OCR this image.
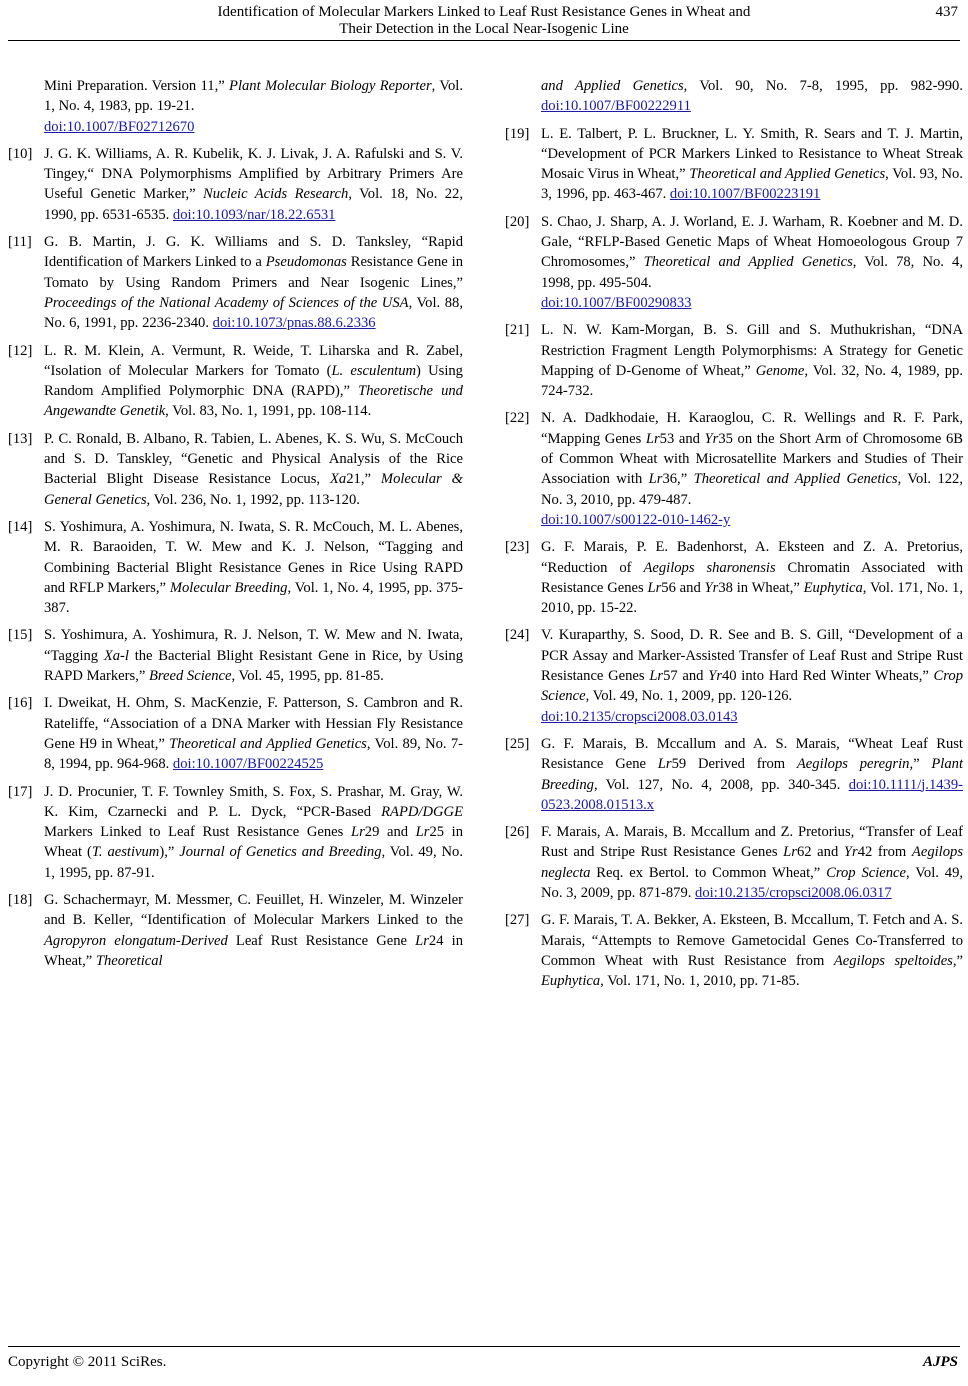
Identification of Molecular Markers Linked to Leaf Rust Resistance Genes in Wheat and
Their Detection in the Local Near-Isogenic Line
437
Mini Preparation. Version 11,” Plant Molecular Biology Reporter, Vol. 1, No. 4, 1983, pp. 19-21.
doi:10.1007/BF02712670
[10] J. G. K. Williams, A. R. Kubelik, K. J. Livak, J. A. Rafulski and S. V. Tingey,“ DNA Polymorphisms Amplified by Arbitrary Primers Are Useful Genetic Marker,” Nucleic Acids Research, Vol. 18, No. 22, 1990, pp. 6531-6535. doi:10.1093/nar/18.22.6531
[11] G. B. Martin, J. G. K. Williams and S. D. Tanksley, “Rapid Identification of Markers Linked to a Pseudomonas Resistance Gene in Tomato by Using Random Primers and Near Isogenic Lines,” Proceedings of the National Academy of Sciences of the USA, Vol. 88, No. 6, 1991, pp. 2236-2340. doi:10.1073/pnas.88.6.2336
[12] L. R. M. Klein, A. Vermunt, R. Weide, T. Liharska and R. Zabel, “Isolation of Molecular Markers for Tomato (L. esculentum) Using Random Amplified Polymorphic DNA (RAPD),” Theoretische und Angewandte Genetik, Vol. 83, No. 1, 1991, pp. 108-114.
[13] P. C. Ronald, B. Albano, R. Tabien, L. Abenes, K. S. Wu, S. McCouch and S. D. Tanskley, “Genetic and Physical Analysis of the Rice Bacterial Blight Disease Resistance Locus, Xa21,” Molecular & General Genetics, Vol. 236, No. 1, 1992, pp. 113-120.
[14] S. Yoshimura, A. Yoshimura, N. Iwata, S. R. McCouch, M. L. Abenes, M. R. Baraoiden, T. W. Mew and K. J. Nelson, “Tagging and Combining Bacterial Blight Resistance Genes in Rice Using RAPD and RFLP Markers,” Molecular Breeding, Vol. 1, No. 4, 1995, pp. 375-387.
[15] S. Yoshimura, A. Yoshimura, R. J. Nelson, T. W. Mew and N. Iwata, “Tagging Xa-l the Bacterial Blight Resistant Gene in Rice, by Using RAPD Markers,” Breed Science, Vol. 45, 1995, pp. 81-85.
[16] I. Dweikat, H. Ohm, S. MacKenzie, F. Patterson, S. Cambron and R. Rateliffe, “Association of a DNA Marker with Hessian Fly Resistance Gene H9 in Wheat,” Theoretical and Applied Genetics, Vol. 89, No. 7-8, 1994, pp. 964-968. doi:10.1007/BF00224525
[17] J. D. Procunier, T. F. Townley Smith, S. Fox, S. Prashar, M. Gray, W. K. Kim, Czarnecki and P. L. Dyck, “PCR-Based RAPD/DGGE Markers Linked to Leaf Rust Resistance Genes Lr29 and Lr25 in Wheat (T. aestivum),” Journal of Genetics and Breeding, Vol. 49, No. 1, 1995, pp. 87-91.
[18] G. Schachermayr, M. Messmer, C. Feuillet, H. Winzeler, M. Winzeler and B. Keller, “Identification of Molecular Markers Linked to the Agropyron elongatum-Derived Leaf Rust Resistance Gene Lr24 in Wheat,” Theoretical
and Applied Genetics, Vol. 90, No. 7-8, 1995, pp. 982-990. doi:10.1007/BF00222911
[19] L. E. Talbert, P. L. Bruckner, L. Y. Smith, R. Sears and T. J. Martin, “Development of PCR Markers Linked to Resistance to Wheat Streak Mosaic Virus in Wheat,” Theoretical and Applied Genetics, Vol. 93, No. 3, 1996, pp. 463-467. doi:10.1007/BF00223191
[20] S. Chao, J. Sharp, A. J. Worland, E. J. Warham, R. Koebner and M. D. Gale, “RFLP-Based Genetic Maps of Wheat Homoeologous Group 7 Chromosomes,” Theoretical and Applied Genetics, Vol. 78, No. 4, 1998, pp. 495-504.
doi:10.1007/BF00290833
[21] L. N. W. Kam-Morgan, B. S. Gill and S. Muthukrishan, “DNA Restriction Fragment Length Polymorphisms: A Strategy for Genetic Mapping of D-Genome of Wheat,” Genome, Vol. 32, No. 4, 1989, pp. 724-732.
[22] N. A. Dadkhodaie, H. Karaoglou, C. R. Wellings and R. F. Park, “Mapping Genes Lr53 and Yr35 on the Short Arm of Chromosome 6B of Common Wheat with Microsatellite Markers and Studies of Their Association with Lr36,” Theoretical and Applied Genetics, Vol. 122, No. 3, 2010, pp. 479-487.
doi:10.1007/s00122-010-1462-y
[23] G. F. Marais, P. E. Badenhorst, A. Eksteen and Z. A. Pretorius, “Reduction of Aegilops sharonensis Chromatin Associated with Resistance Genes Lr56 and Yr38 in Wheat,” Euphytica, Vol. 171, No. 1, 2010, pp. 15-22.
[24] V. Kuraparthy, S. Sood, D. R. See and B. S. Gill, “Development of a PCR Assay and Marker-Assisted Transfer of Leaf Rust and Stripe Rust Resistance Genes Lr57 and Yr40 into Hard Red Winter Wheats,” Crop Science, Vol. 49, No. 1, 2009, pp. 120-126.
doi:10.2135/cropsci2008.03.0143
[25] G. F. Marais, B. Mccallum and A. S. Marais, “Wheat Leaf Rust Resistance Gene Lr59 Derived from Aegilops peregrin,” Plant Breeding, Vol. 127, No. 4, 2008, pp. 340-345. doi:10.1111/j.1439-0523.2008.01513.x
[26] F. Marais, A. Marais, B. Mccallum and Z. Pretorius, “Transfer of Leaf Rust and Stripe Rust Resistance Genes Lr62 and Yr42 from Aegilops neglecta Req. ex Bertol. to Common Wheat,” Crop Science, Vol. 49, No. 3, 2009, pp. 871-879. doi:10.2135/cropsci2008.06.0317
[27] G. F. Marais, T. A. Bekker, A. Eksteen, B. Mccallum, T. Fetch and A. S. Marais, “Attempts to Remove Gametocidal Genes Co-Transferred to Common Wheat with Rust Resistance from Aegilops speltoides,” Euphytica, Vol. 171, No. 1, 2010, pp. 71-85.
Copyright © 2011 SciRes.	AJPS
